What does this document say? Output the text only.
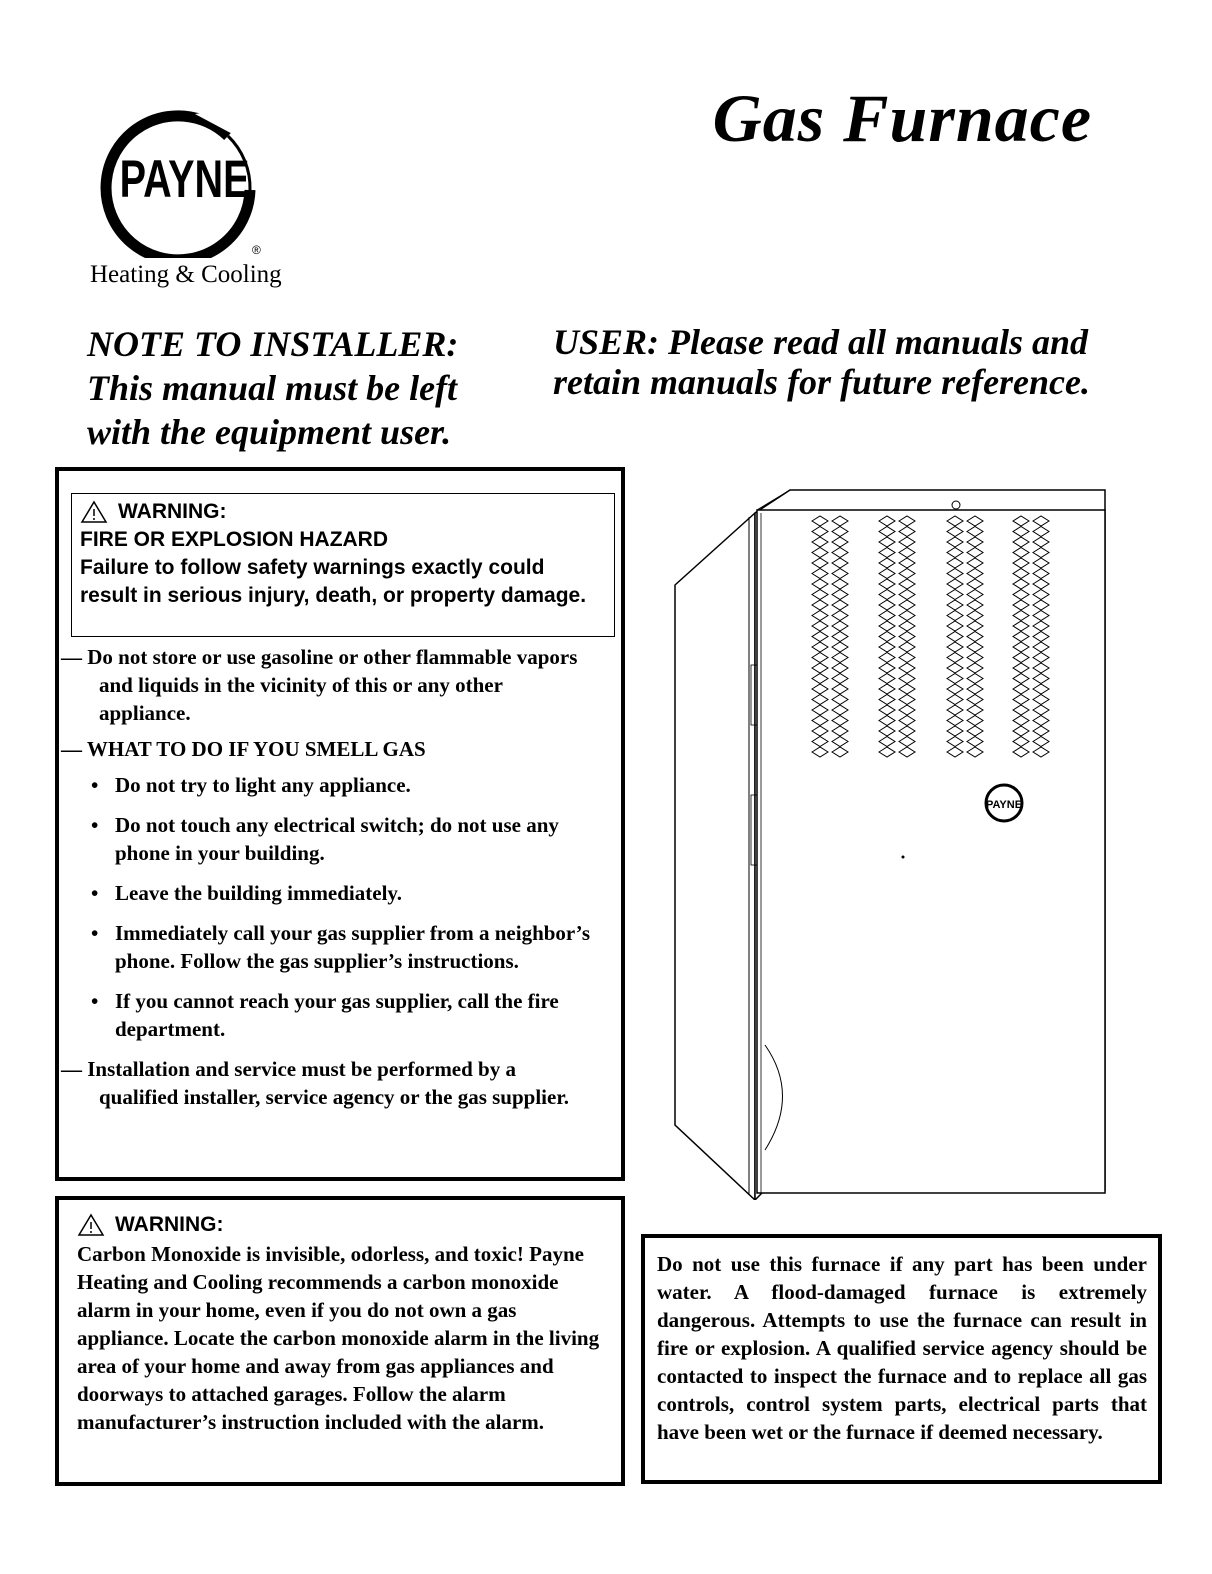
Gas Furnace
PAYNE
®
Heating & Cooling
NOTE TO INSTALLER:
This manual must be left
with the equipment user.
USER: Please read all manuals and
retain manuals for future reference.
WARNING:
FIRE OR EXPLOSION HAZARD
Failure to follow safety warnings exactly could result in serious injury, death, or property damage.
— Do not store or use gasoline or other flammable vapors and liquids in the vicinity of this or any other appliance.
— WHAT TO DO IF YOU SMELL GAS
• Do not try to light any appliance.
• Do not touch any electrical switch; do not use any phone in your building.
• Leave the building immediately.
• Immediately call your gas supplier from a neighbor’s phone. Follow the gas supplier’s instructions.
• If you cannot reach your gas supplier, call the fire department.
— Installation and service must be performed by a qualified installer, service agency or the gas supplier.
WARNING:
Carbon Monoxide is invisible, odorless, and toxic! Payne Heating and Cooling recommends a carbon monoxide alarm in your home, even if you do not own a gas appliance. Locate the carbon monoxide alarm in the living area of your home and away from gas appliances and doorways to attached garages. Follow the alarm manufacturer’s instruction included with the alarm.
Do not use this furnace if any part has been under water. A flood-damaged furnace is extremely dangerous. Attempts to use the furnace can result in fire or explosion. A qualified service agency should be contacted to inspect the furnace and to replace all gas controls, control system parts, electrical parts that have been wet or the furnace if deemed necessary.
PAYNE
